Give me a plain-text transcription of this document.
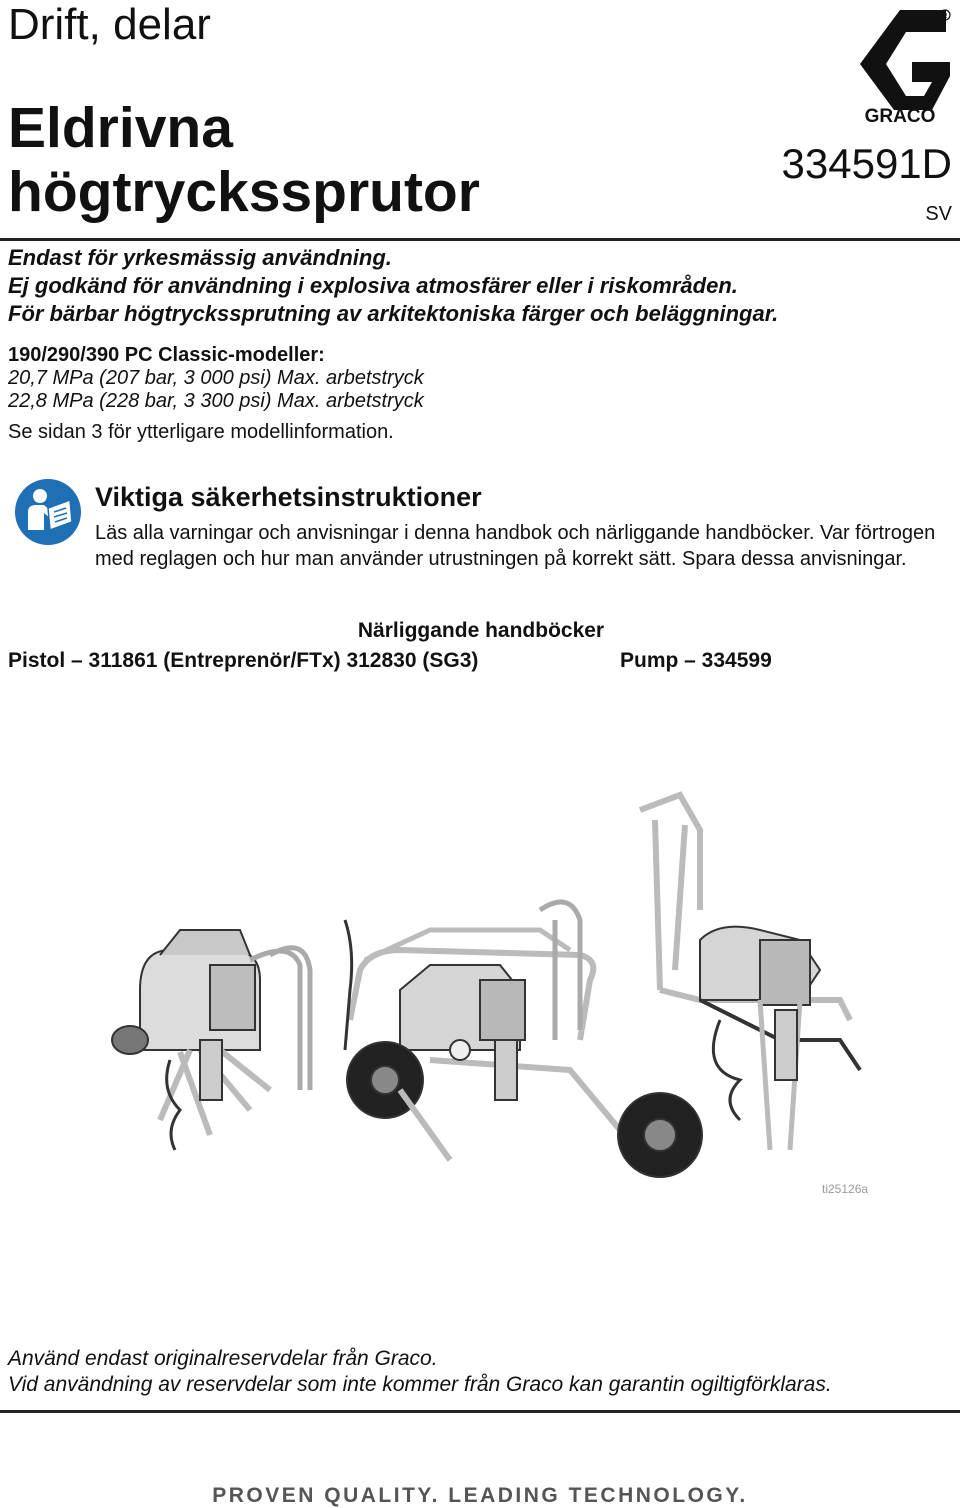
Drift, delar
Eldrivna
högtryckssprutor
R
GRACO
334591D
SV
Endast för yrkesmässig användning.
Ej godkänd för användning i explosiva atmosfärer eller i riskområden.
För bärbar högtryckssprutning av arkitektoniska färger och beläggningar.
190/290/390 PC Classic-modeller:
20,7 MPa (207 bar, 3 000 psi) Max. arbetstryck
22,8 MPa (228 bar, 3 300 psi) Max. arbetstryck
Se sidan 3 för ytterligare modellinformation.
Viktiga säkerhetsinstruktioner
Läs alla varningar och anvisningar i denna handbok och närliggande handböcker. Var förtrogen med reglagen och hur man använder utrustningen på korrekt sätt. Spara dessa anvisningar.
Närliggande handböcker
Pistol – 311861 (Entreprenör/FTx) 312830 (SG3)	Pump – 334599
ti25126a
Använd endast originalreservdelar från Graco.
Vid användning av reservdelar som inte kommer från Graco kan garantin ogiltigförklaras.
PROVEN QUALITY. LEADING TECHNOLOGY.
